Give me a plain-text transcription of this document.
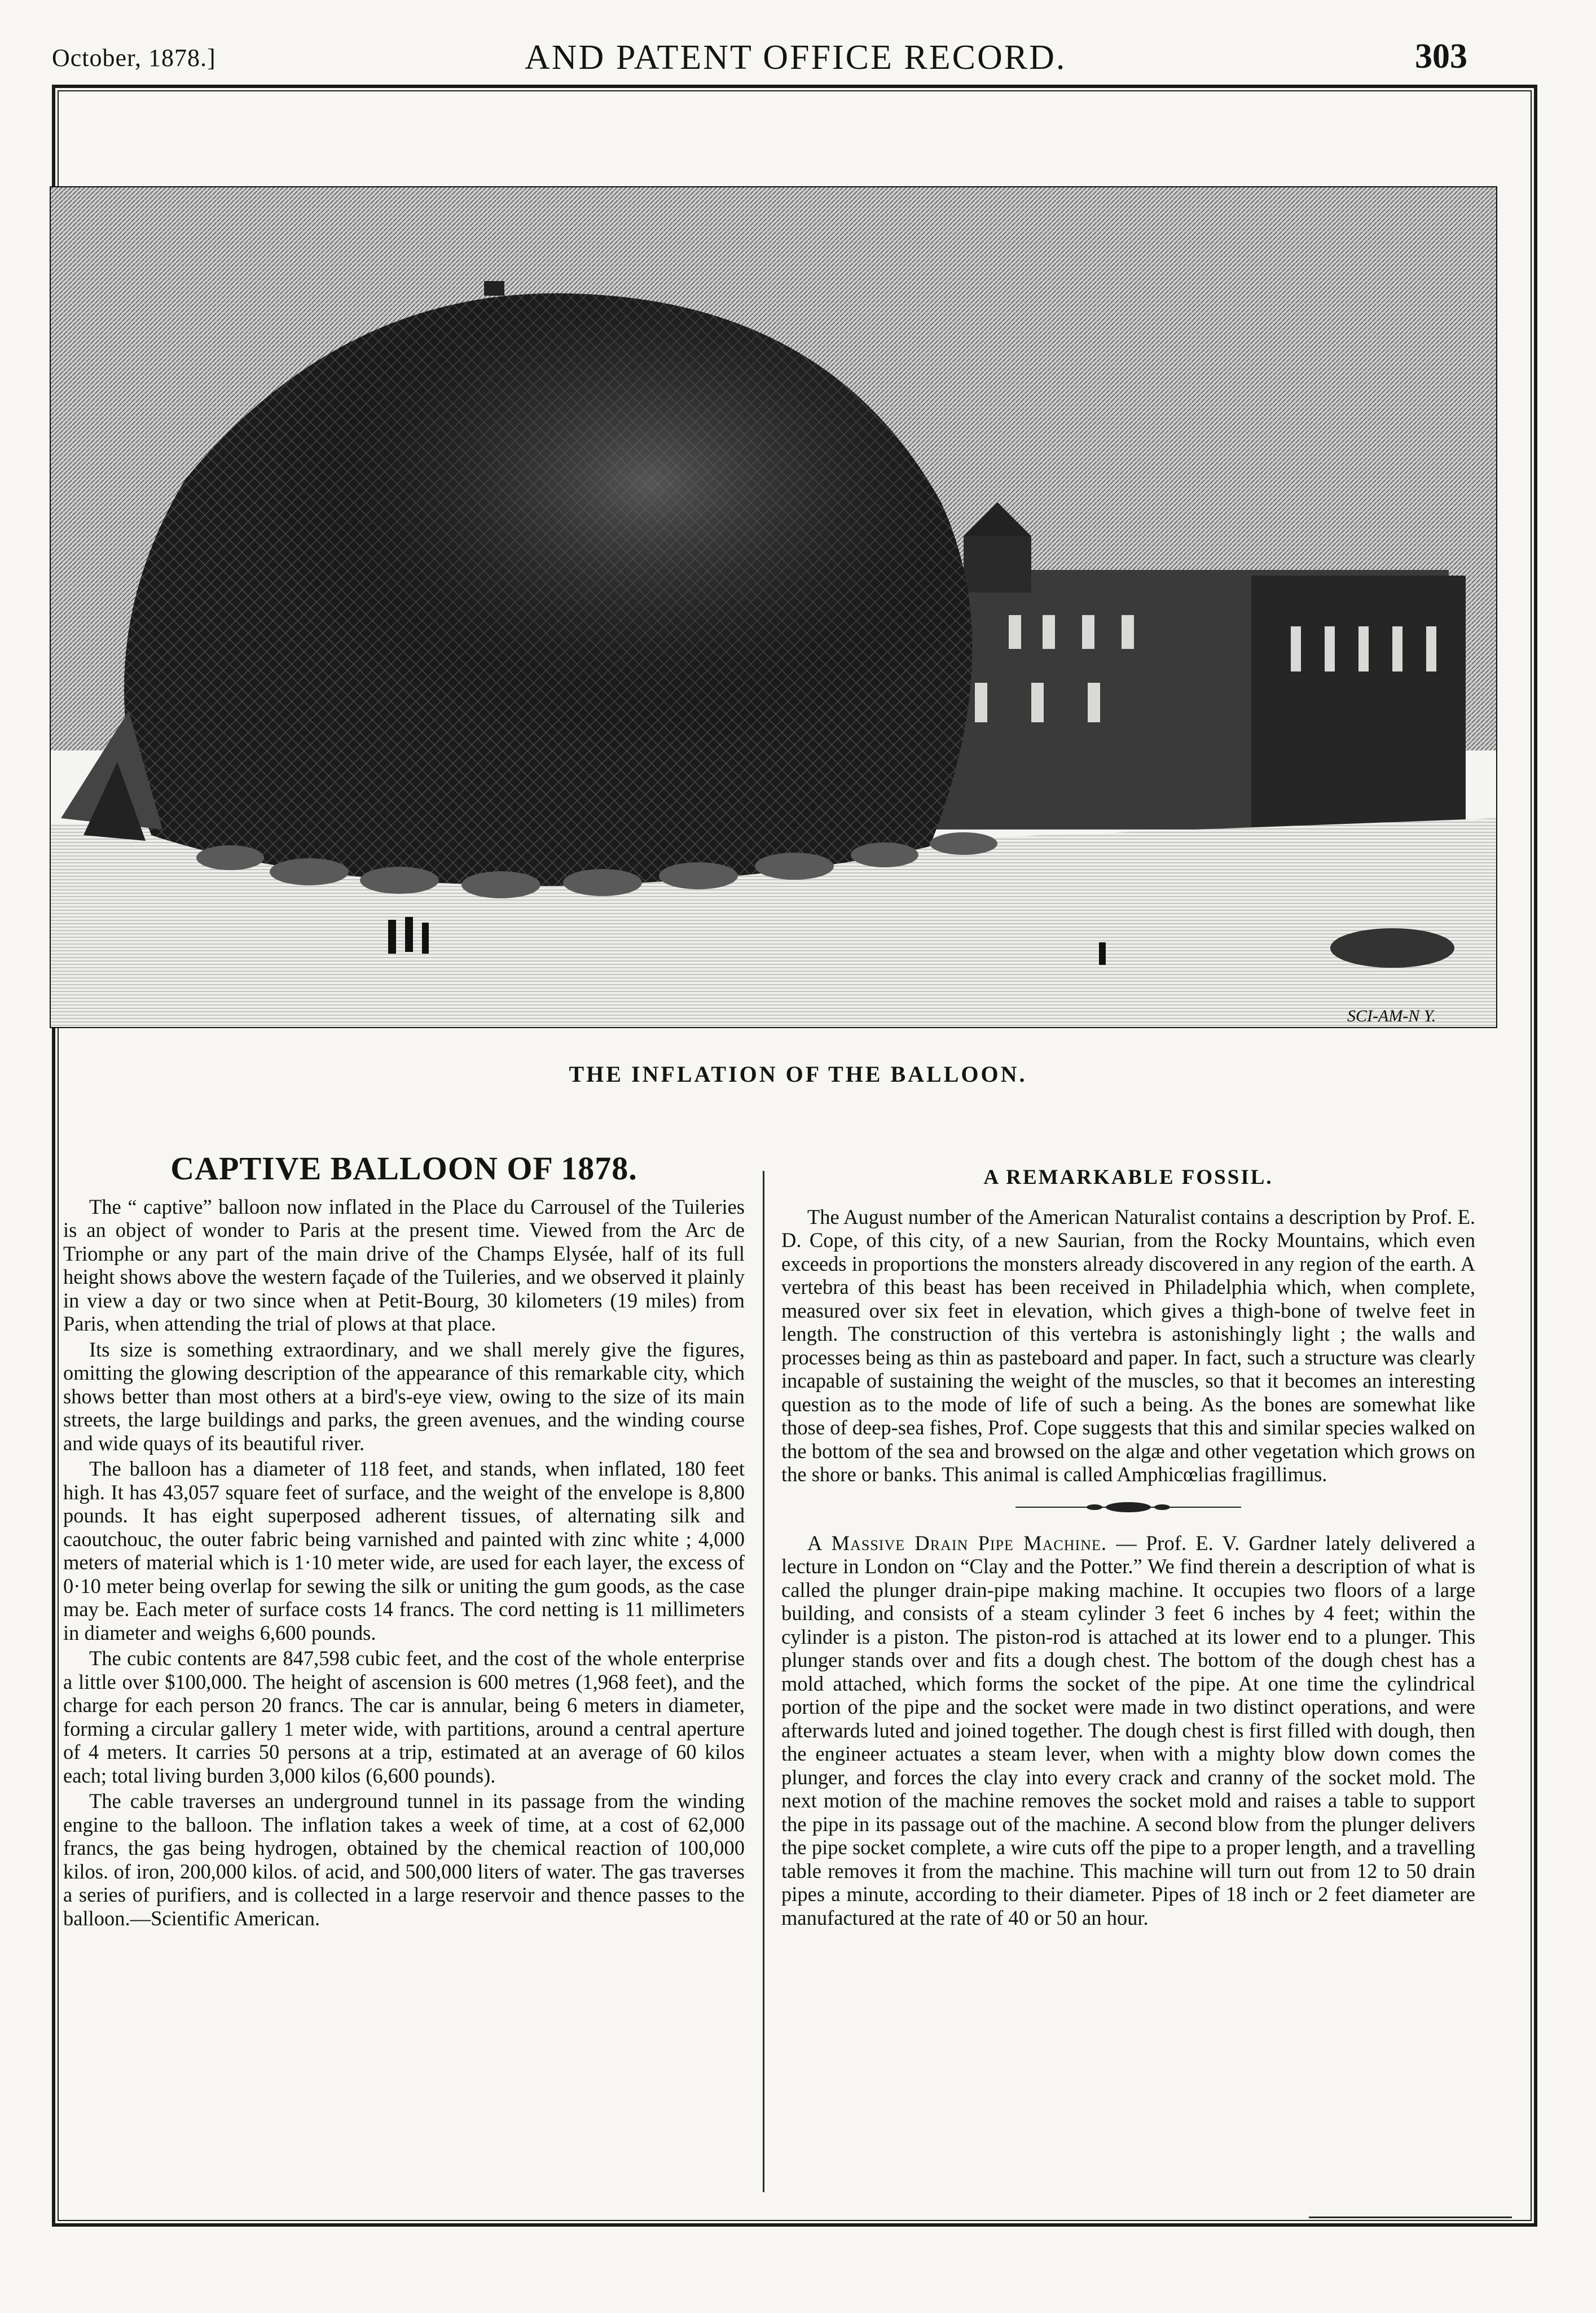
October, 1878.]	AND PATENT OFFICE RECORD.	303
SCI-AM-N Y.
THE INFLATION OF THE BALLOON.
CAPTIVE BALLOON OF 1878.

The “ captive” balloon now inflated in the Place du Carrousel of the Tuileries is an object of wonder to Paris at the present time. Viewed from the Arc de Triomphe or any part of the main drive of the Champs Elysée, half of its full height shows above the western façade of the Tuileries, and we observed it plainly in view a day or two since when at Petit-Bourg, 30 kilometers (19 miles) from Paris, when attending the trial of plows at that place.

Its size is something extraordinary, and we shall merely give the figures, omitting the glowing description of the appearance of this remarkable city, which shows better than most others at a bird's-eye view, owing to the size of its main streets, the large buildings and parks, the green avenues, and the winding course and wide quays of its beautiful river.

The balloon has a diameter of 118 feet, and stands, when inflated, 180 feet high. It has 43,057 square feet of surface, and the weight of the envelope is 8,800 pounds. It has eight superposed adherent tissues, of alternating silk and caoutchouc, the outer fabric being varnished and painted with zinc white ; 4,000 meters of material which is 1·10 meter wide, are used for each layer, the excess of 0·10 meter being overlap for sewing the silk or uniting the gum goods, as the case may be. Each meter of surface costs 14 francs. The cord netting is 11 millimeters in diameter and weighs 6,600 pounds.

The cubic contents are 847,598 cubic feet, and the cost of the whole enterprise a little over $100,000. The height of ascension is 600 metres (1,968 feet), and the charge for each person 20 francs. The car is annular, being 6 meters in diameter, forming a circular gallery 1 meter wide, with partitions, around a central aperture of 4 meters. It carries 50 persons at a trip, estimated at an average of 60 kilos each; total living burden 3,000 kilos (6,600 pounds).

The cable traverses an underground tunnel in its passage from the winding engine to the balloon. The inflation takes a week of time, at a cost of 62,000 francs, the gas being hydrogen, obtained by the chemical reaction of 100,000 kilos. of iron, 200,000 kilos. of acid, and 500,000 liters of water. The gas traverses a series of purifiers, and is collected in a large reservoir and thence passes to the balloon.—Scientific American.

A REMARKABLE FOSSIL.

The August number of the American Naturalist contains a description by Prof. E. D. Cope, of this city, of a new Saurian, from the Rocky Mountains, which even exceeds in proportions the monsters already discovered in any region of the earth. A vertebra of this beast has been received in Philadelphia which, when complete, measured over six feet in elevation, which gives a thigh-bone of twelve feet in length. The construction of this vertebra is astonishingly light ; the walls and processes being as thin as pasteboard and paper. In fact, such a structure was clearly incapable of sustaining the weight of the muscles, so that it becomes an interesting question as to the mode of life of such a being. As the bones are somewhat like those of deep-sea fishes, Prof. Cope suggests that this and similar species walked on the bottom of the sea and browsed on the algæ and other vegetation which grows on the shore or banks. This animal is called Amphicœlias fragillimus.

A Massive Drain Pipe Machine. — Prof. E. V. Gardner lately delivered a lecture in London on “Clay and the Potter.” We find therein a description of what is called the plunger drain-pipe making machine. It occupies two floors of a large building, and consists of a steam cylinder 3 feet 6 inches by 4 feet; within the cylinder is a piston. The piston-rod is attached at its lower end to a plunger. This plunger stands over and fits a dough chest. The bottom of the dough chest has a mold attached, which forms the socket of the pipe. At one time the cylindrical portion of the pipe and the socket were made in two distinct operations, and were afterwards luted and joined together. The dough chest is first filled with dough, then the engineer actuates a steam lever, when with a mighty blow down comes the plunger, and forces the clay into every crack and cranny of the socket mold. The next motion of the machine removes the socket mold and raises a table to support the pipe in its passage out of the machine. A second blow from the plunger delivers the pipe socket complete, a wire cuts off the pipe to a proper length, and a travelling table removes it from the machine. This machine will turn out from 12 to 50 drain pipes a minute, according to their diameter. Pipes of 18 inch or 2 feet diameter are manufactured at the rate of 40 or 50 an hour.
